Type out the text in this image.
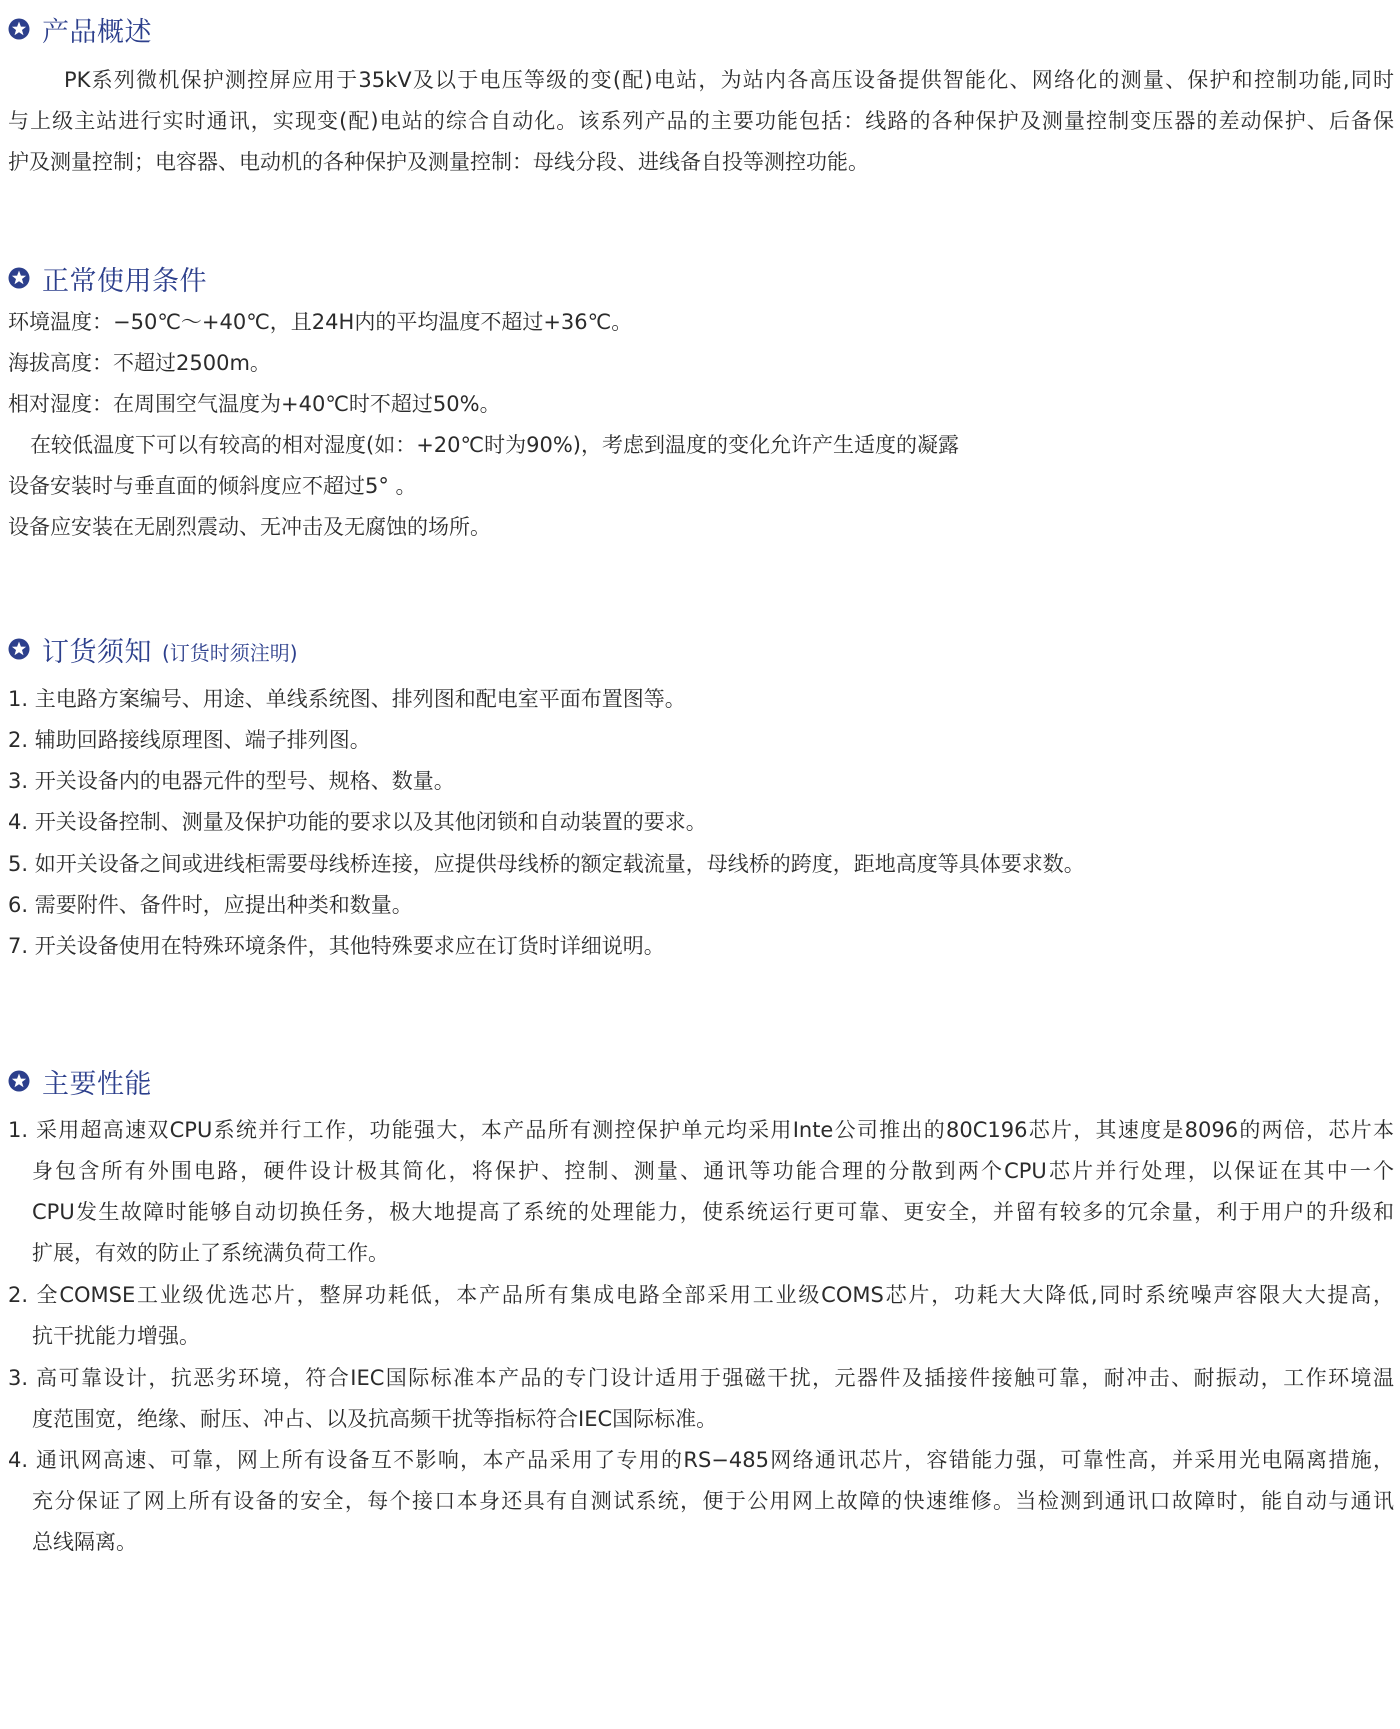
产品概述
PK系列微机保护测控屏应用于35kV及以于电压等级的变(配)电站，为站内各高压设备提供智能化、网络化的测量、保护和控制功能,同时
与上级主站进行实时通讯，实现变(配)电站的综合自动化。该系列产品的主要功能包括：线路的各种保护及测量控制变压器的差动保护、后备保
护及测量控制；电容器、电动机的各种保护及测量控制：母线分段、进线备自投等测控功能。
正常使用条件
环境温度：−50℃～+40℃，且24H内的平均温度不超过+36℃。
海拔高度：不超过2500m。
相对湿度：在周围空气温度为+40℃时不超过50%。
在较低温度下可以有较高的相对湿度(如：+20℃时为90%)，考虑到温度的变化允许产生适度的凝露
设备安装时与垂直面的倾斜度应不超过5° 。
设备应安装在无剧烈震动、无冲击及无腐蚀的场所。
订货须知 (订货时须注明)
1. 主电路方案编号、用途、单线系统图、排列图和配电室平面布置图等。
2. 辅助回路接线原理图、端子排列图。
3. 开关设备内的电器元件的型号、规格、数量。
4. 开关设备控制、测量及保护功能的要求以及其他闭锁和自动装置的要求。
5. 如开关设备之间或进线柜需要母线桥连接，应提供母线桥的额定载流量，母线桥的跨度，距地高度等具体要求数。
6. 需要附件、备件时，应提出种类和数量。
7. 开关设备使用在特殊环境条件，其他特殊要求应在订货时详细说明。
主要性能
1. 采用超高速双CPU系统并行工作，功能强大，本产品所有测控保护单元均采用Inte公司推出的80C196芯片，其速度是8096的两倍，芯片本
身包含所有外围电路，硬件设计极其简化，将保护、控制、测量、通讯等功能合理的分散到两个CPU芯片并行处理，以保证在其中一个
CPU发生故障时能够自动切换任务，极大地提高了系统的处理能力，使系统运行更可靠、更安全，并留有较多的冗余量，利于用户的升级和
扩展，有效的防止了系统满负荷工作。
2. 全COMSE工业级优选芯片，整屏功耗低，本产品所有集成电路全部采用工业级COMS芯片，功耗大大降低,同时系统噪声容限大大提高，
抗干扰能力增强。
3. 高可靠设计，抗恶劣环境，符合IEC国际标准本产品的专门设计适用于强磁干扰，元器件及插接件接触可靠，耐冲击、耐振动，工作环境温
度范围宽，绝缘、耐压、冲占、以及抗高频干扰等指标符合IEC国际标准。
4. 通讯网高速、可靠，网上所有设备互不影响，本产品采用了专用的RS−485网络通讯芯片，容错能力强，可靠性高，并采用光电隔离措施，
充分保证了网上所有设备的安全，每个接口本身还具有自测试系统，便于公用网上故障的快速维修。当检测到通讯口故障时，能自动与通讯
总线隔离。
